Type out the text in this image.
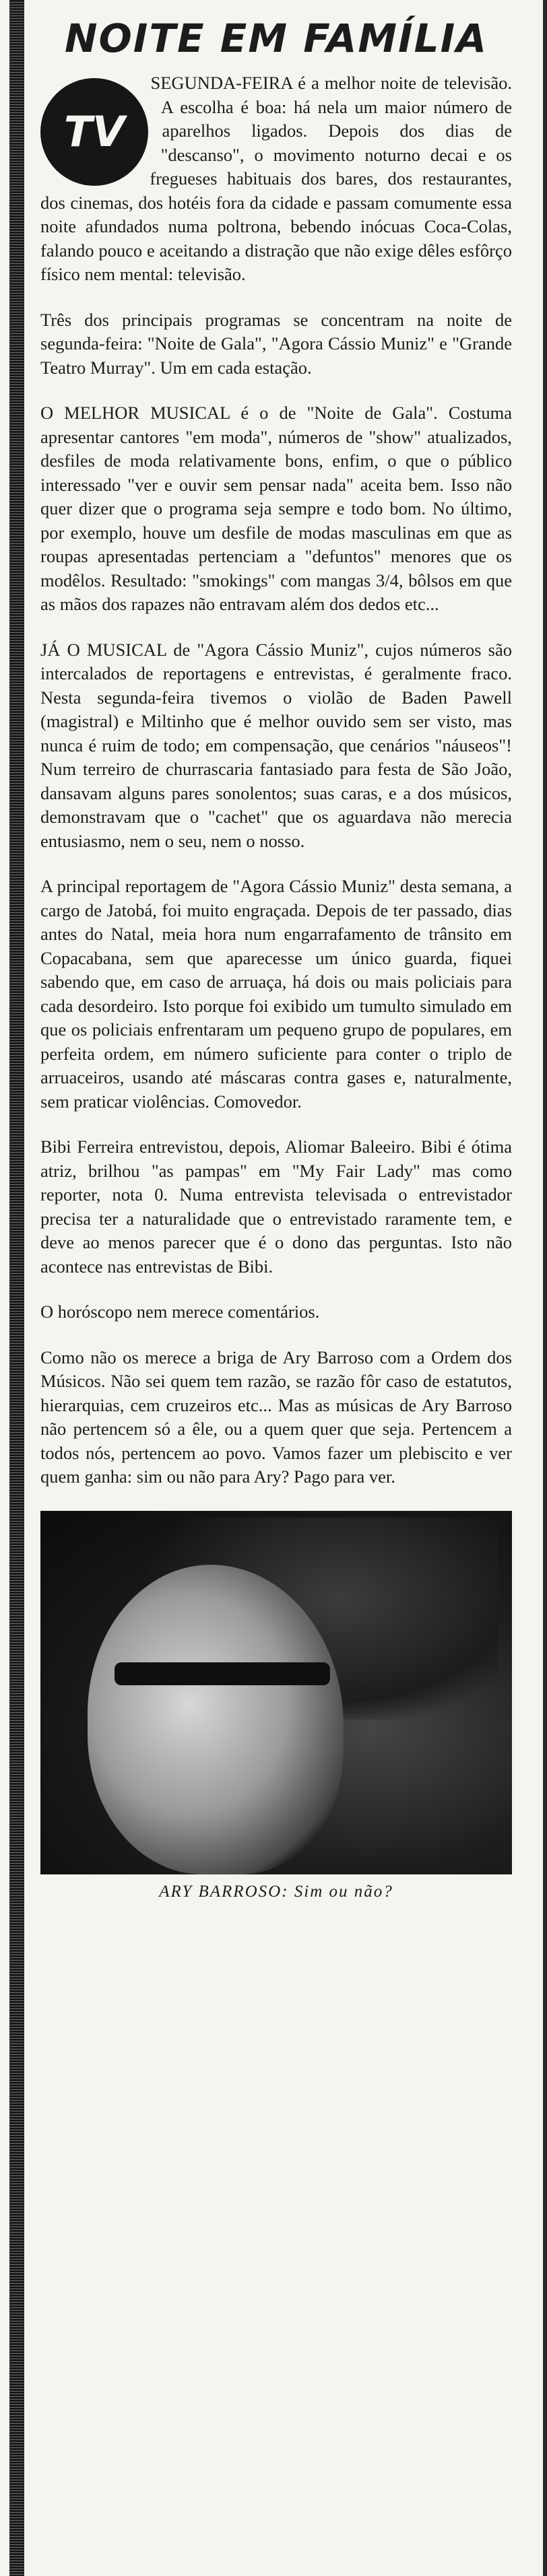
NOITE EM FAMÍLIA

TV
SEGUNDA-FEIRA é a melhor noite de televisão. A escolha é boa: há nela um maior número de aparelhos ligados. Depois dos dias de "descanso", o movimento noturno decai e os fregueses habituais dos bares, dos restaurantes, dos cinemas, dos hotéis fora da cidade e passam comumente essa noite afundados numa poltrona, bebendo inócuas Coca-Colas, falando pouco e aceitando a distração que não exige dêles esfôrço físico nem mental: televisão.

Três dos principais programas se concentram na noite de segunda-feira: "Noite de Gala", "Agora Cássio Muniz" e "Grande Teatro Murray". Um em cada estação.

O MELHOR MUSICAL é o de "Noite de Gala". Costuma apresentar cantores "em moda", números de "show" atualizados, desfiles de moda relativamente bons, enfim, o que o público interessado "ver e ouvir sem pensar nada" aceita bem. Isso não quer dizer que o programa seja sempre e todo bom. No último, por exemplo, houve um desfile de modas masculinas em que as roupas apresentadas pertenciam a "defuntos" menores que os modêlos. Resultado: "smokings" com mangas 3/4, bôlsos em que as mãos dos rapazes não entravam além dos dedos etc...

JÁ O MUSICAL de "Agora Cássio Muniz", cujos números são intercalados de reportagens e entrevistas, é geralmente fraco. Nesta segunda-feira tivemos o violão de Baden Pawell (magistral) e Miltinho que é melhor ouvido sem ser visto, mas nunca é ruim de todo; em compensação, que cenários "náuseos"! Num terreiro de churrascaria fantasiado para festa de São João, dansavam alguns pares sonolentos; suas caras, e a dos músicos, demonstravam que o "cachet" que os aguardava não merecia entusiasmo, nem o seu, nem o nosso.

A principal reportagem de "Agora Cássio Muniz" desta semana, a cargo de Jatobá, foi muito engraçada. Depois de ter passado, dias antes do Natal, meia hora num engarrafamento de trânsito em Copacabana, sem que aparecesse um único guarda, fiquei sabendo que, em caso de arruaça, há dois ou mais policiais para cada desordeiro. Isto porque foi exibido um tumulto simulado em que os policiais enfrentaram um pequeno grupo de populares, em perfeita ordem, em número suficiente para conter o triplo de arruaceiros, usando até máscaras contra gases e, naturalmente, sem praticar violências. Comovedor.

Bibi Ferreira entrevistou, depois, Aliomar Baleeiro. Bibi é ótima atriz, brilhou "as pampas" em "My Fair Lady" mas como reporter, nota 0. Numa entrevista televisada o entrevistador precisa ter a naturalidade que o entrevistado raramente tem, e deve ao menos parecer que é o dono das perguntas. Isto não acontece nas entrevistas de Bibi.

O horóscopo nem merece comentários.

Como não os merece a briga de Ary Barroso com a Ordem dos Músicos. Não sei quem tem razão, se razão fôr caso de estatutos, hierarquias, cem cruzeiros etc... Mas as músicas de Ary Barroso não pertencem só a êle, ou a quem quer que seja. Pertencem a todos nós, pertencem ao povo. Vamos fazer um plebiscito e ver quem ganha: sim ou não para Ary? Pago para ver.

ARY BARROSO: Sim ou não?
